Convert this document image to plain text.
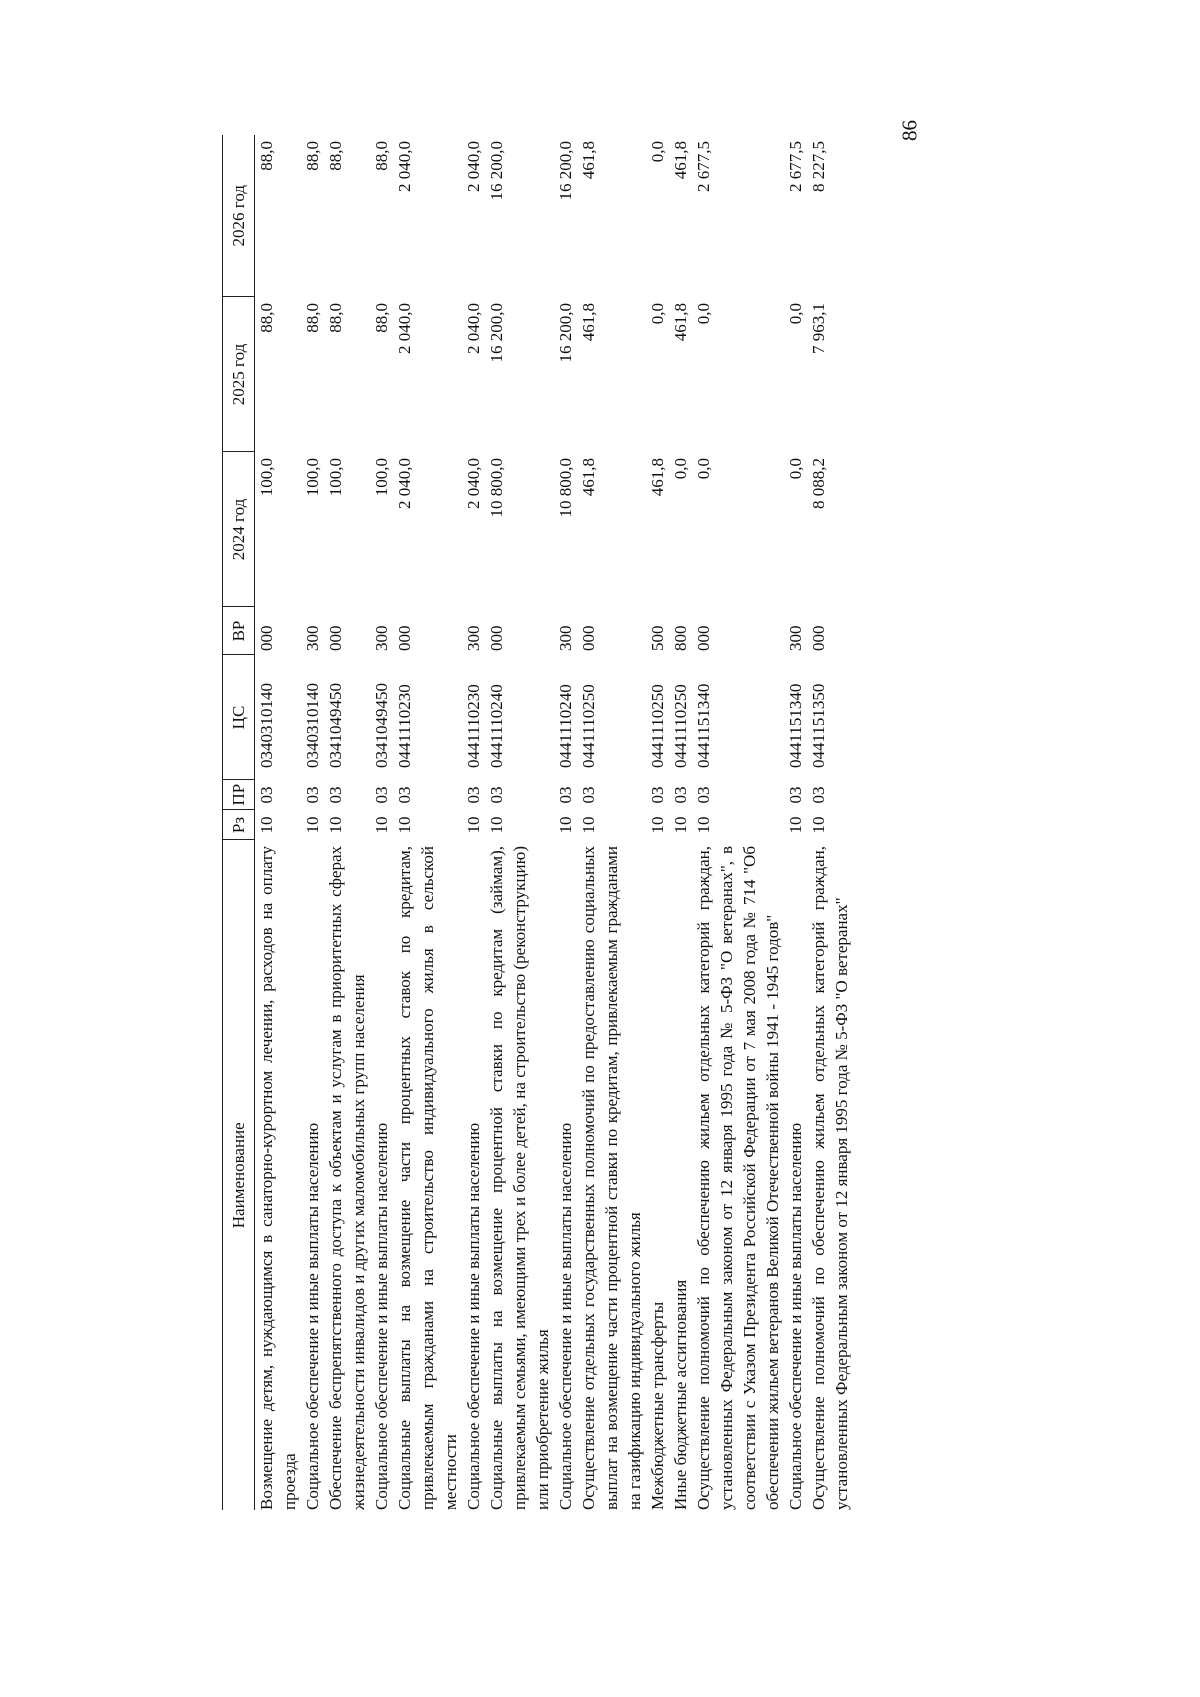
86
Наименование	Рз	ПР	ЦС	ВР	2024 год	2025 год	2026 год
Возмещение детям, нуждающимся в санаторно-курортном лечении, расходов на оплату проезда	10	03	0340310140	000	100,0	88,0	88,0
Социальное обеспечение и иные выплаты населению	10	03	0340310140	300	100,0	88,0	88,0
Обеспечение беспрепятственного доступа к объектам и услугам в приоритетных сферах жизнедеятельности инвалидов и других маломобильных групп населения	10	03	0341049450	000	100,0	88,0	88,0
Социальное обеспечение и иные выплаты населению	10	03	0341049450	300	100,0	88,0	88,0
Социальные выплаты на возмещение части процентных ставок по кредитам, привлекаемым гражданами на строительство индивидуального жилья в сельской местности	10	03	0441110230	000	2 040,0	2 040,0	2 040,0
Социальное обеспечение и иные выплаты населению	10	03	0441110230	300	2 040,0	2 040,0	2 040,0
Социальные выплаты на возмещение процентной ставки по кредитам (займам), привлекаемым семьями, имеющими трех и более детей, на строительство (реконструкцию) или приобретение жилья	10	03	0441110240	000	10 800,0	16 200,0	16 200,0
Социальное обеспечение и иные выплаты населению	10	03	0441110240	300	10 800,0	16 200,0	16 200,0
Осуществление отдельных государственных полномочий по предоставлению социальных выплат на возмещение части процентной ставки по кредитам, привлекаемым гражданами на газификацию индивидуального жилья	10	03	0441110250	000	461,8	461,8	461,8
Межбюджетные трансферты	10	03	0441110250	500	461,8	0,0	0,0
Иные бюджетные ассигнования	10	03	0441110250	800	0,0	461,8	461,8
Осуществление полномочий по обеспечению жильем отдельных категорий граждан, установленных Федеральным законом от 12 января 1995 года № 5-ФЗ "О ветеранах", в соответствии с Указом Президента Российской Федерации от 7 мая 2008 года № 714 "Об обеспечении жильем ветеранов Великой Отечественной войны 1941 - 1945 годов"	10	03	0441151340	000	0,0	0,0	2 677,5
Социальное обеспечение и иные выплаты населению	10	03	0441151340	300	0,0	0,0	2 677,5
Осуществление полномочий по обеспечению жильем отдельных категорий граждан, установленных Федеральным законом от 12 января 1995 года № 5-ФЗ "О ветеранах"	10	03	0441151350	000	8 088,2	7 963,1	8 227,5
